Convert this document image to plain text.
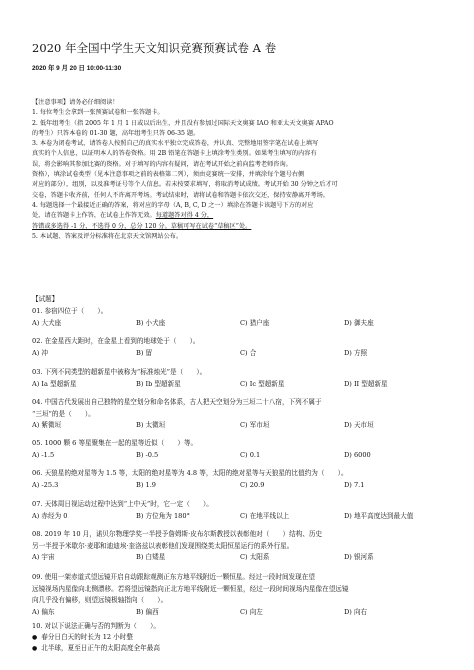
2020 年全国中学生天文知识竞赛预赛试卷 A 卷
2020 年 9 月 20 日 10:00-11:30
【注意事项】请务必仔细阅读！
1. 每位考生会拿到一张预赛试卷和一张答题卡。
2. 低年组考生（指 2005 年 1 月 1 日或以后出生，并且没有参加过国际天文奥赛 IAO 和亚太天文奥赛 APAO
的考生）只答本卷的 01-30 题，高年组考生只答 06-35 题。
3. 本卷为闭卷考试，请答卷人按照自己的真实水平独立完成答卷，并认真、完整地用签字笔在试卷上填写
真实的个人信息，以证明本人的答卷资格。用 2B 铅笔在答题卡上填涂考生类别。如果考生填写的内容有
误，将会影响其参加比赛的资格。对于填写的内容有疑问，请在考试开始之前向监考老师咨询。
资格），填涂试卷类型（见本注意事项之前的表格第二列），须由竞赛统一安排，并填涂每个题号右侧
对应的部分），组别，以及准考证号等个人信息。若未按要求填写，将取消考试成绩。考试开始 30 分钟之后才可
交卷，答题卡收齐前，任何人不许离开考场。考试结束时，请将试卷和答题卡依次交还，保持安静离开考场。
4. 每题选择一个最接近正确的答案，将对应的字母（A, B, C, D 之一）填涂在答题卡该题号下方的对应
处，请在答题卡上作答，在试卷上作答无效。每道题答对得 4 分，
答错或多选得 -1 分，不选得 0 分，总分 120 分。草稿可写在试卷“草稿区”处。
5. 本试题、答案及评分标准将在北京天文馆网站公布。
【试题】
01. 参宿四位于（　　）。
A) 大犬座	B) 小犬座	C) 猎户座	D) 御夫座
02. 在金星西大距时，在金星上看到的地球处于（　　）。
A) 冲	B) 留	C) 合	D) 方照
03. 下列不同类型的超新星中被称为“标准烛光”是（　　）。
A) Ia 型超新星	B) Ib 型超新星	C) Ic 型超新星	D) II 型超新星
04. 中国古代发展出自己独特的星空划分和命名体系，古人把天空划分为三垣二十八宿，下列不属于
“三垣”的是（　　）。
A) 紫微垣	B) 太微垣	C) 军市垣	D) 天市垣
05. 1000 颗 6 等星聚集在一起的星等近似（　　）等。
A) -1.5	B) -0.5	C) 0.1	D) 6000
06. 天狼星的绝对星等为 1.5 等，太阳的绝对星等为 4.8 等，太阳的绝对星等与天狼星的比值约为（　　）。
A) -25.3	B) 1.9	C) 20.9	D) 7.1
07. 天体周日视运动过程中达到“上中天”时，它一定（　　）。
A) 赤经为 0	B) 方位角为 180°	C) 在地平线以上	D) 地平高度达到最大值
08. 2019 年 10 月，诺贝尔物理学奖一半授予詹姆斯·皮布尔斯教授以表彰他对（　　）结构、历史
另一半授予米歇尔·麦耶和迪迪埃·奎洛兹以表彰他们发现围绕类太阳恒星运行的系外行星。
A) 宇宙	B) 白矮星	C) 太阳系	D) 银河系
09. 使用一架赤道式望远镜开启自动跟踪观测正东方地平线附近一颗恒星。经过一段时间发现在望
远镜视场内星像向北侧漂移。若将望远镜指向正北方地平线附近一颗恒星，经过一段时间视场内星像在望远镜
向几乎没有偏移，则望远镜极轴指向（　　）。
A) 偏东	B) 偏西	C) 向左	D) 向右
10. 对以下说法正确与否的判断为（　　）。
● 春分日白天的时长为 12 小时整
● 北半球，夏至日正午的太阳高度全年最高
